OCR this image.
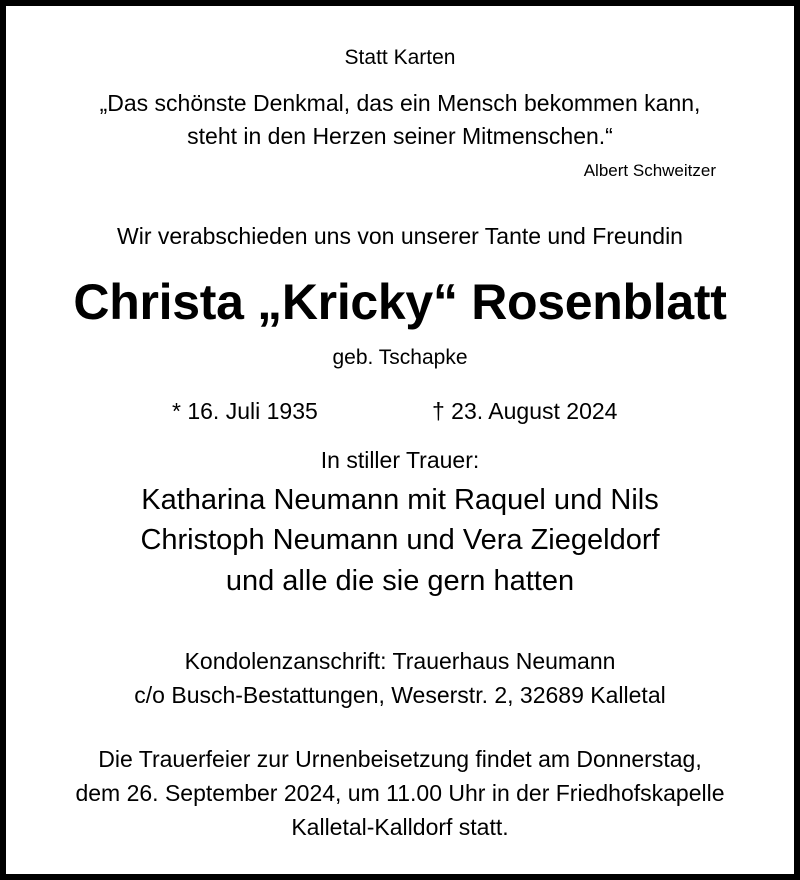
Statt Karten
„Das schönste Denkmal, das ein Mensch bekommen kann,
steht in den Herzen seiner Mitmenschen.“
Albert Schweitzer
Wir verabschieden uns von unserer Tante und Freundin
Christa „Kricky“ Rosenblatt
geb. Tschapke
* 16. Juli 1935	† 23. August 2024
In stiller Trauer:
Katharina Neumann mit Raquel und Nils
Christoph Neumann und Vera Ziegeldorf
und alle die sie gern hatten
Kondolenzanschrift: Trauerhaus Neumann
c/o Busch-Bestattungen, Weserstr. 2, 32689 Kalletal
Die Trauerfeier zur Urnenbeisetzung findet am Donnerstag,
dem 26. September 2024, um 11.00 Uhr in der Friedhofskapelle
Kalletal-Kalldorf statt.
